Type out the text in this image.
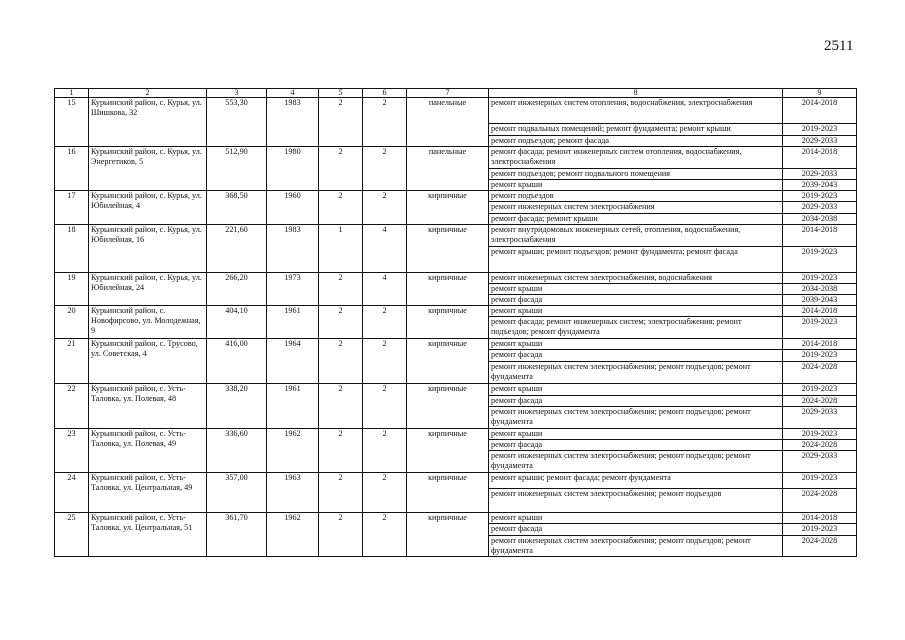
2511
1	2	3	4	5	6	7	8	9
15	Курьинский район, с. Курья, ул. Шишкова, 32	553,30	1983	2	2	панельные	ремонт инженерных систем отопления, водоснабжения, электроснабжения	2014-2018
							ремонт подвальных помещений; ремонт фундамента; ремонт крыши	2019-2023
							ремонт подъездов; ремонт фасада	2029-2033
16	Курьинский район, с. Курья, ул. Энергетиков, 5	512,90	1980	2	2	панельные	ремонт фасада; ремонт инженерных систем отопления, водоснабжения, электроснабжения	2014-2018
							ремонт подъездов; ремонт подвального помещения	2029-2033
							ремонт крыши	2039-2043
17	Курьинский район, с. Курья, ул. Юбилейная, 4	368,50	1960	2	2	кирпичные	ремонт подъездов	2019-2023
							ремонт инженерных систем электроснабжения	2029-2033
							ремонт фасада; ремонт крыши	2034-2038
18	Курьинский район, с. Курья, ул. Юбилейная, 16	221,60	1983	1	4	кирпичные	ремонт внутридомовых инженерных сетей, отопления, водоснабжения, электроснабжения	2014-2018
							ремонт крыши; ремонт подъездов; ремонт фундамента; ремонт фасада	2019-2023
19	Курьинский район, с. Курья, ул. Юбилейная, 24	266,20	1973	2	4	кирпичные	ремонт инженерных систем электроснабжения, водоснабжения	2019-2023
							ремонт крыши	2034-2038
							ремонт фасада	2039-2043
20	Курьинский район, с. Новофирсово, ул. Молодежная, 9	404,10	1961	2	2	кирпичные	ремонт крыши	2014-2018
							ремонт фасада; ремонт инженерных систем; электроснабжения; ремонт подъездов; ремонт фундамента	2019-2023
21	Курьинский район, с. Трусово, ул. Советская, 4	416,00	1964	2	2	кирпичные	ремонт крыши	2014-2018
							ремонт фасада	2019-2023
							ремонт инженерных систем электроснабжения; ремонт подъездов; ремонт фундамента	2024-2028
22	Курьинский район, с. Усть-Таловка, ул. Полевая, 48	338,20	1961	2	2	кирпичные	ремонт крыши	2019-2023
							ремонт фасада	2024-2028
							ремонт инженерных систем электроснабжения; ремонт подъездов; ремонт фундамента	2029-2033
23	Курьинский район, с. Усть-Таловка, ул. Полевая, 49	336,60	1962	2	2	кирпичные	ремонт крыши	2019-2023
							ремонт фасада	2024-2028
							ремонт инженерных систем электроснабжения; ремонт подъездов; ремонт фундамента	2029-2033
24	Курьинский район, с. Усть-Таловка, ул. Центральная, 49	357,00	1963	2	2	кирпичные	ремонт крыши; ремонт фасада; ремонт фундамента	2019-2023
							ремонт инженерных систем электроснабжения; ремонт подъездов	2024-2028
25	Курьинский район, с. Усть-Таловка, ул. Центральная, 51	361,70	1962	2	2	кирпичные	ремонт крыши	2014-2018
							ремонт фасада	2019-2023
							ремонт инженерных систем электроснабжения; ремонт подъездов; ремонт фундамента	2024-2028
